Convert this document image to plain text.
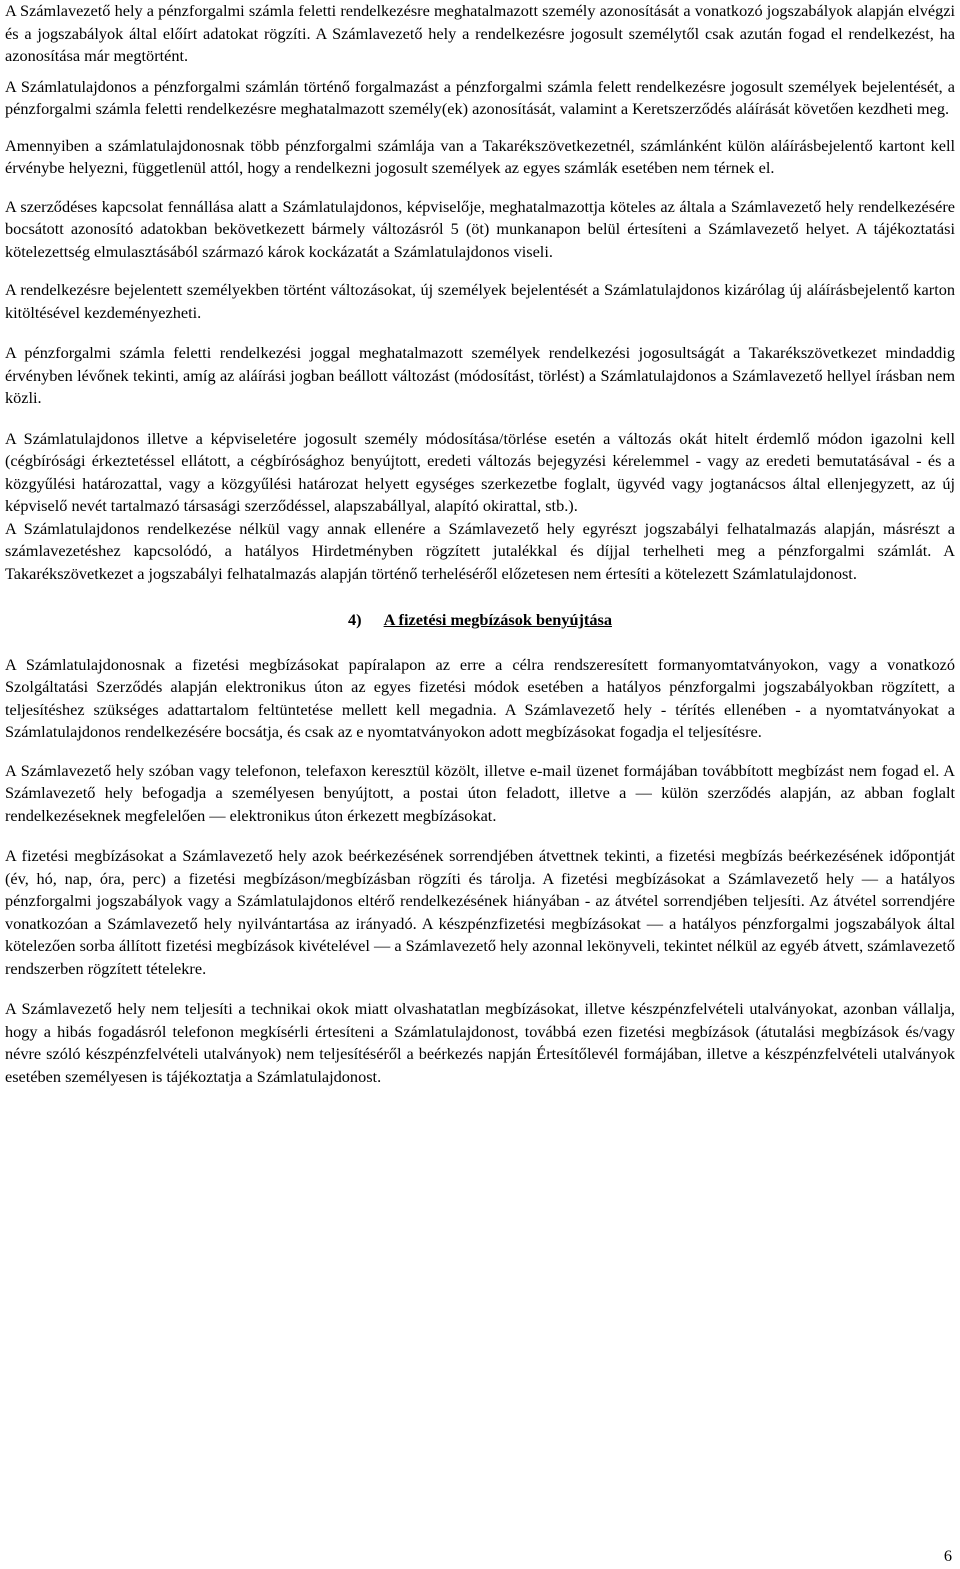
A Számlavezető hely a pénzforgalmi számla feletti rendelkezésre meghatalmazott személy azonosítását a vonatkozó jogszabályok alapján elvégzi és a jogszabályok által előírt adatokat rögzíti. A Számlavezető hely a rendelkezésre jogosult személytől csak azután fogad el rendelkezést, ha azonosítása már megtörtént.

A Számlatulajdonos a pénzforgalmi számlán történő forgalmazást a pénzforgalmi számla felett rendelkezésre jogosult személyek bejelentését, a pénzforgalmi számla feletti rendelkezésre meghatalmazott személy(ek) azonosítását, valamint a Keretszerződés aláírását követően kezdheti meg.

Amennyiben a számlatulajdonosnak több pénzforgalmi számlája van a Takarékszövetkezetnél, számlánként külön aláírásbejelentő kartont kell érvénybe helyezni, függetlenül attól, hogy a rendelkezni jogosult személyek az egyes számlák esetében nem térnek el.

A szerződéses kapcsolat fennállása alatt a Számlatulajdonos, képviselője, meghatalmazottja köteles az általa a Számlavezető hely rendelkezésére bocsátott azonosító adatokban bekövetkezett bármely változásról 5 (öt) munkanapon belül értesíteni a Számlavezető helyet. A tájékoztatási kötelezettség elmulasztásából származó károk kockázatát a Számlatulajdonos viseli.

A rendelkezésre bejelentett személyekben történt változásokat, új személyek bejelentését a Számlatulajdonos kizárólag új aláírásbejelentő karton kitöltésével kezdeményezheti.

A pénzforgalmi számla feletti rendelkezési joggal meghatalmazott személyek rendelkezési jogosultságát a Takarékszövetkezet mindaddig érvényben lévőnek tekinti, amíg az aláírási jogban beállott változást (módosítást, törlést) a Számlatulajdonos a Számlavezető hellyel írásban nem közli.

A Számlatulajdonos illetve a képviseletére jogosult személy módosítása/törlése esetén a változás okát hitelt érdemlő módon igazolni kell (cégbírósági érkeztetéssel ellátott, a cégbírósághoz benyújtott, eredeti változás bejegyzési kérelemmel - vagy az eredeti bemutatásával - és a közgyűlési határozattal, vagy a közgyűlési határozat helyett egységes szerkezetbe foglalt, ügyvéd vagy jogtanácsos által ellenjegyzett, az új képviselő nevét tartalmazó társasági szerződéssel, alapszabállyal, alapító okirattal, stb.).

A Számlatulajdonos rendelkezése nélkül vagy annak ellenére a Számlavezető hely egyrészt jogszabályi felhatalmazás alapján, másrészt a számlavezetéshez kapcsolódó, a hatályos Hirdetményben rögzített jutalékkal és díjjal terhelheti meg a pénzforgalmi számlát. A Takarékszövetkezet a jogszabályi felhatalmazás alapján történő terheléséről előzetesen nem értesíti a kötelezett Számlatulajdonost.

4) A fizetési megbízások benyújtása

A Számlatulajdonosnak a fizetési megbízásokat papíralapon az erre a célra rendszeresített formanyomtatványokon, vagy a vonatkozó Szolgáltatási Szerződés alapján elektronikus úton az egyes fizetési módok esetében a hatályos pénzforgalmi jogszabályokban rögzített, a teljesítéshez szükséges adattartalom feltüntetése mellett kell megadnia. A Számlavezető hely - térítés ellenében - a nyomtatványokat a Számlatulajdonos rendelkezésére bocsátja, és csak az e nyomtatványokon adott megbízásokat fogadja el teljesítésre.

A Számlavezető hely szóban vagy telefonon, telefaxon keresztül közölt, illetve e-mail üzenet formájában továbbított megbízást nem fogad el. A Számlavezető hely befogadja a személyesen benyújtott, a postai úton feladott, illetve a — külön szerződés alapján, az abban foglalt rendelkezéseknek megfelelően — elektronikus úton érkezett megbízásokat.

A fizetési megbízásokat a Számlavezető hely azok beérkezésének sorrendjében átvettnek tekinti, a fizetési megbízás beérkezésének időpontját (év, hó, nap, óra, perc) a fizetési megbízáson/megbízásban rögzíti és tárolja. A fizetési megbízásokat a Számlavezető hely — a hatályos pénzforgalmi jogszabályok vagy a Számlatulajdonos eltérő rendelkezésének hiányában - az átvétel sorrendjében teljesíti. Az átvétel sorrendjére vonatkozóan a Számlavezető hely nyilvántartása az irányadó. A készpénzfizetési megbízásokat — a hatályos pénzforgalmi jogszabályok által kötelezően sorba állított fizetési megbízások kivételével — a Számlavezető hely azonnal lekönyveli, tekintet nélkül az egyéb átvett, számlavezető rendszerben rögzített tételekre.

A Számlavezető hely nem teljesíti a technikai okok miatt olvashatatlan megbízásokat, illetve készpénzfelvételi utalványokat, azonban vállalja, hogy a hibás fogadásról telefonon megkísérli értesíteni a Számlatulajdonost, továbbá ezen fizetési megbízások (átutalási megbízások és/vagy névre szóló készpénzfelvételi utalványok) nem teljesítéséről a beérkezés napján Értesítőlevél formájában, illetve a készpénzfelvételi utalványok esetében személyesen is tájékoztatja a Számlatulajdonost.

6
